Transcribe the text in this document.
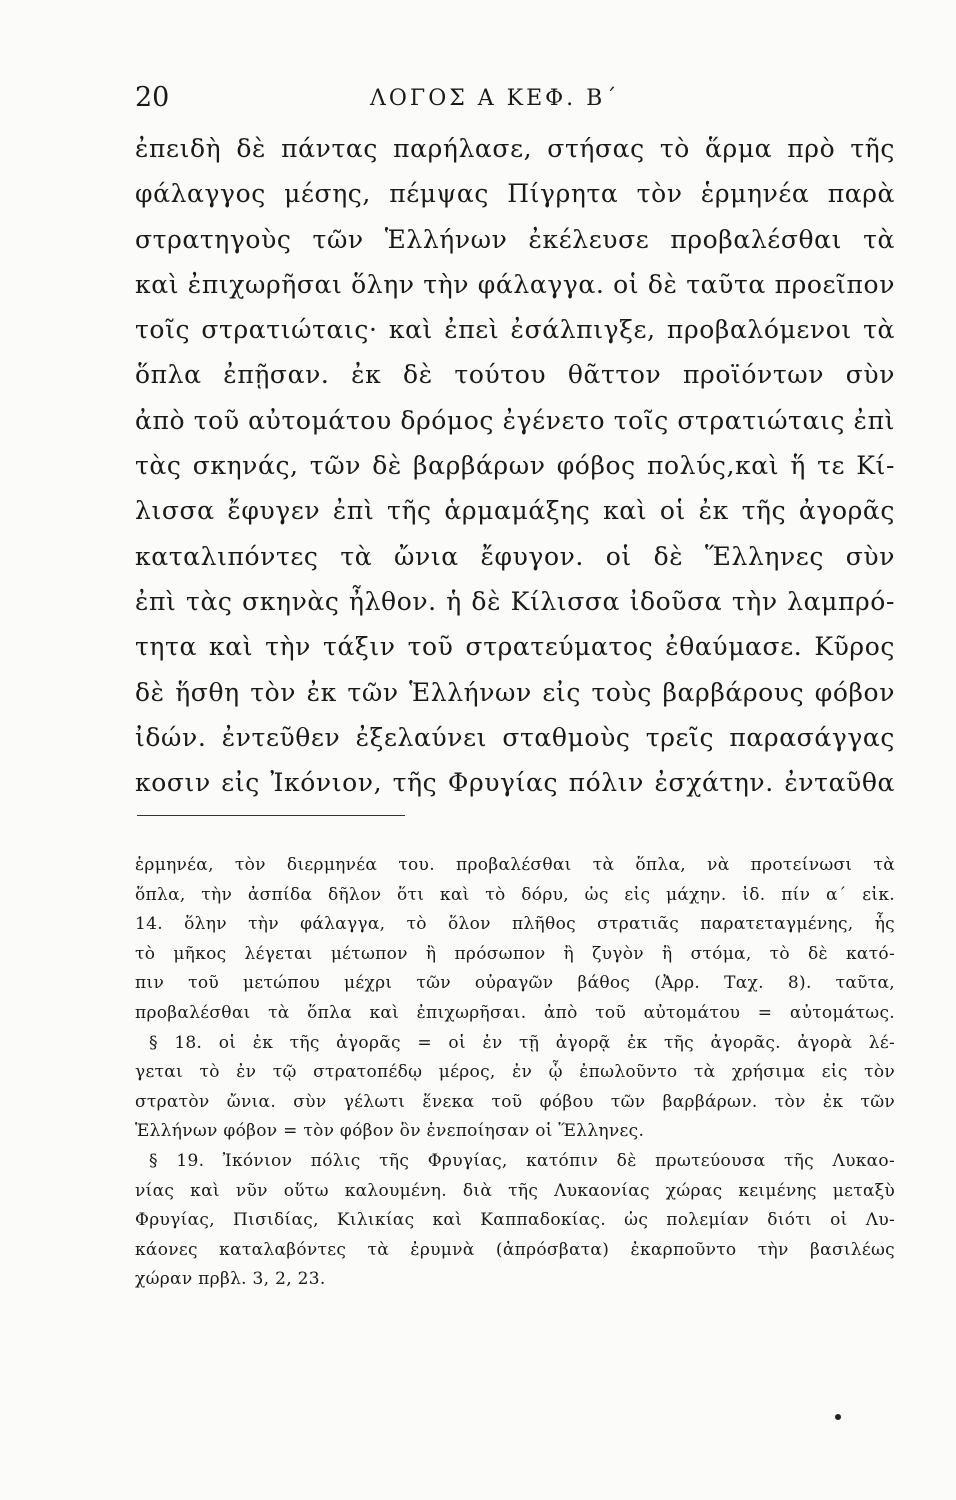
20	ΛΟΓΟΣ Α ΚΕΦ. Β΄
ἐπειδὴ δὲ πάντας παρήλασε, στήσας τὸ ἅρμα πρὸ τῆς
φάλαγγος μέσης, πέμψας Πίγρητα τὸν ἑρμηνέα παρὰ
στρατηγοὺς τῶν Ἑλλήνων ἐκέλευσε προβαλέσθαι τὰ
καὶ ἐπιχωρῆσαι ὅλην τὴν φάλαγγα. οἱ δὲ ταῦτα προεῖπον
τοῖς στρατιώταις· καὶ ἐπεὶ ἐσάλπιγξε, προβαλόμενοι τὰ
ὅπλα ἐπῇσαν. ἐκ δὲ τούτου θᾶττον προϊόντων σὺν
ἀπὸ τοῦ αὐτομάτου δρόμος ἐγένετο τοῖς στρατιώταις ἐπὶ
τὰς σκηνάς, τῶν δὲ βαρβάρων φόβος πολύς,καὶ ἥ τε Κί-
λισσα ἔφυγεν ἐπὶ τῆς ἁρμαμάξης καὶ οἱ ἐκ τῆς ἀγορᾶς
καταλιπόντες τὰ ὤνια ἔφυγον. οἱ δὲ Ἕλληνες σὺν
ἐπὶ τὰς σκηνὰς ἦλθον. ἡ δὲ Κίλισσα ἰδοῦσα τὴν λαμπρό-
τητα καὶ τὴν τάξιν τοῦ στρατεύματος ἐθαύμασε. Κῦρος
δὲ ἥσθη τὸν ἐκ τῶν Ἑλλήνων εἰς τοὺς βαρβάρους φόβον
ἰδών. ἐντεῦθεν ἐξελαύνει σταθμοὺς τρεῖς παρασάγγας
κοσιν εἰς Ἰκόνιον, τῆς Φρυγίας πόλιν ἐσχάτην. ἐνταῦθα
ἑρμηνέα, τὸν διερμηνέα του. προβαλέσθαι τὰ ὅπλα, νὰ προτείνωσι τὰ
ὅπλα, τὴν ἀσπίδα δῆλον ὅτι καὶ τὸ δόρυ, ὡς εἰς μάχην. ἰδ. πίν α΄ εἰκ.
14. ὅλην τὴν φάλαγγα, τὸ ὅλον πλῆθος στρατιᾶς παρατεταγμένης, ἧς
τὸ μῆκος λέγεται μέτωπον ἢ πρόσωπον ἢ ζυγὸν ἢ στόμα, τὸ δὲ κατό-
πιν τοῦ μετώπου μέχρι τῶν οὐραγῶν βάθος (Ἀρρ. Ταχ. 8). ταῦτα,
προβαλέσθαι τὰ ὅπλα καὶ ἐπιχωρῆσαι. ἀπὸ τοῦ αὐτομάτου = αὐτομάτως.
§ 18. οἱ ἐκ τῆς ἀγορᾶς = οἱ ἐν τῇ ἀγορᾷ ἐκ τῆς ἀγορᾶς. ἀγορὰ λέ-
γεται τὸ ἐν τῷ στρατοπέδῳ μέρος, ἐν ᾧ ἐπωλοῦντο τὰ χρήσιμα εἰς τὸν
στρατὸν ὤνια. σὺν γέλωτι ἕνεκα τοῦ φόβου τῶν βαρβάρων. τὸν ἐκ τῶν
Ἑλλήνων φόβον = τὸν φόβον ὃν ἐνεποίησαν οἱ Ἕλληνες.
§ 19. Ἰκόνιον πόλις τῆς Φρυγίας, κατόπιν δὲ πρωτεύουσα τῆς Λυκαο-
νίας καὶ νῦν οὕτω καλουμένη. διὰ τῆς Λυκαονίας χώρας κειμένης μεταξὺ
Φρυγίας, Πισιδίας, Κιλικίας καὶ Καππαδοκίας. ὡς πολεμίαν διότι οἱ Λυ-
κάονες καταλαβόντες τὰ ἐρυμνὰ (ἀπρόσβατα) ἐκαρποῦντο τὴν βασιλέως
χώραν πρβλ. 3, 2, 23.
